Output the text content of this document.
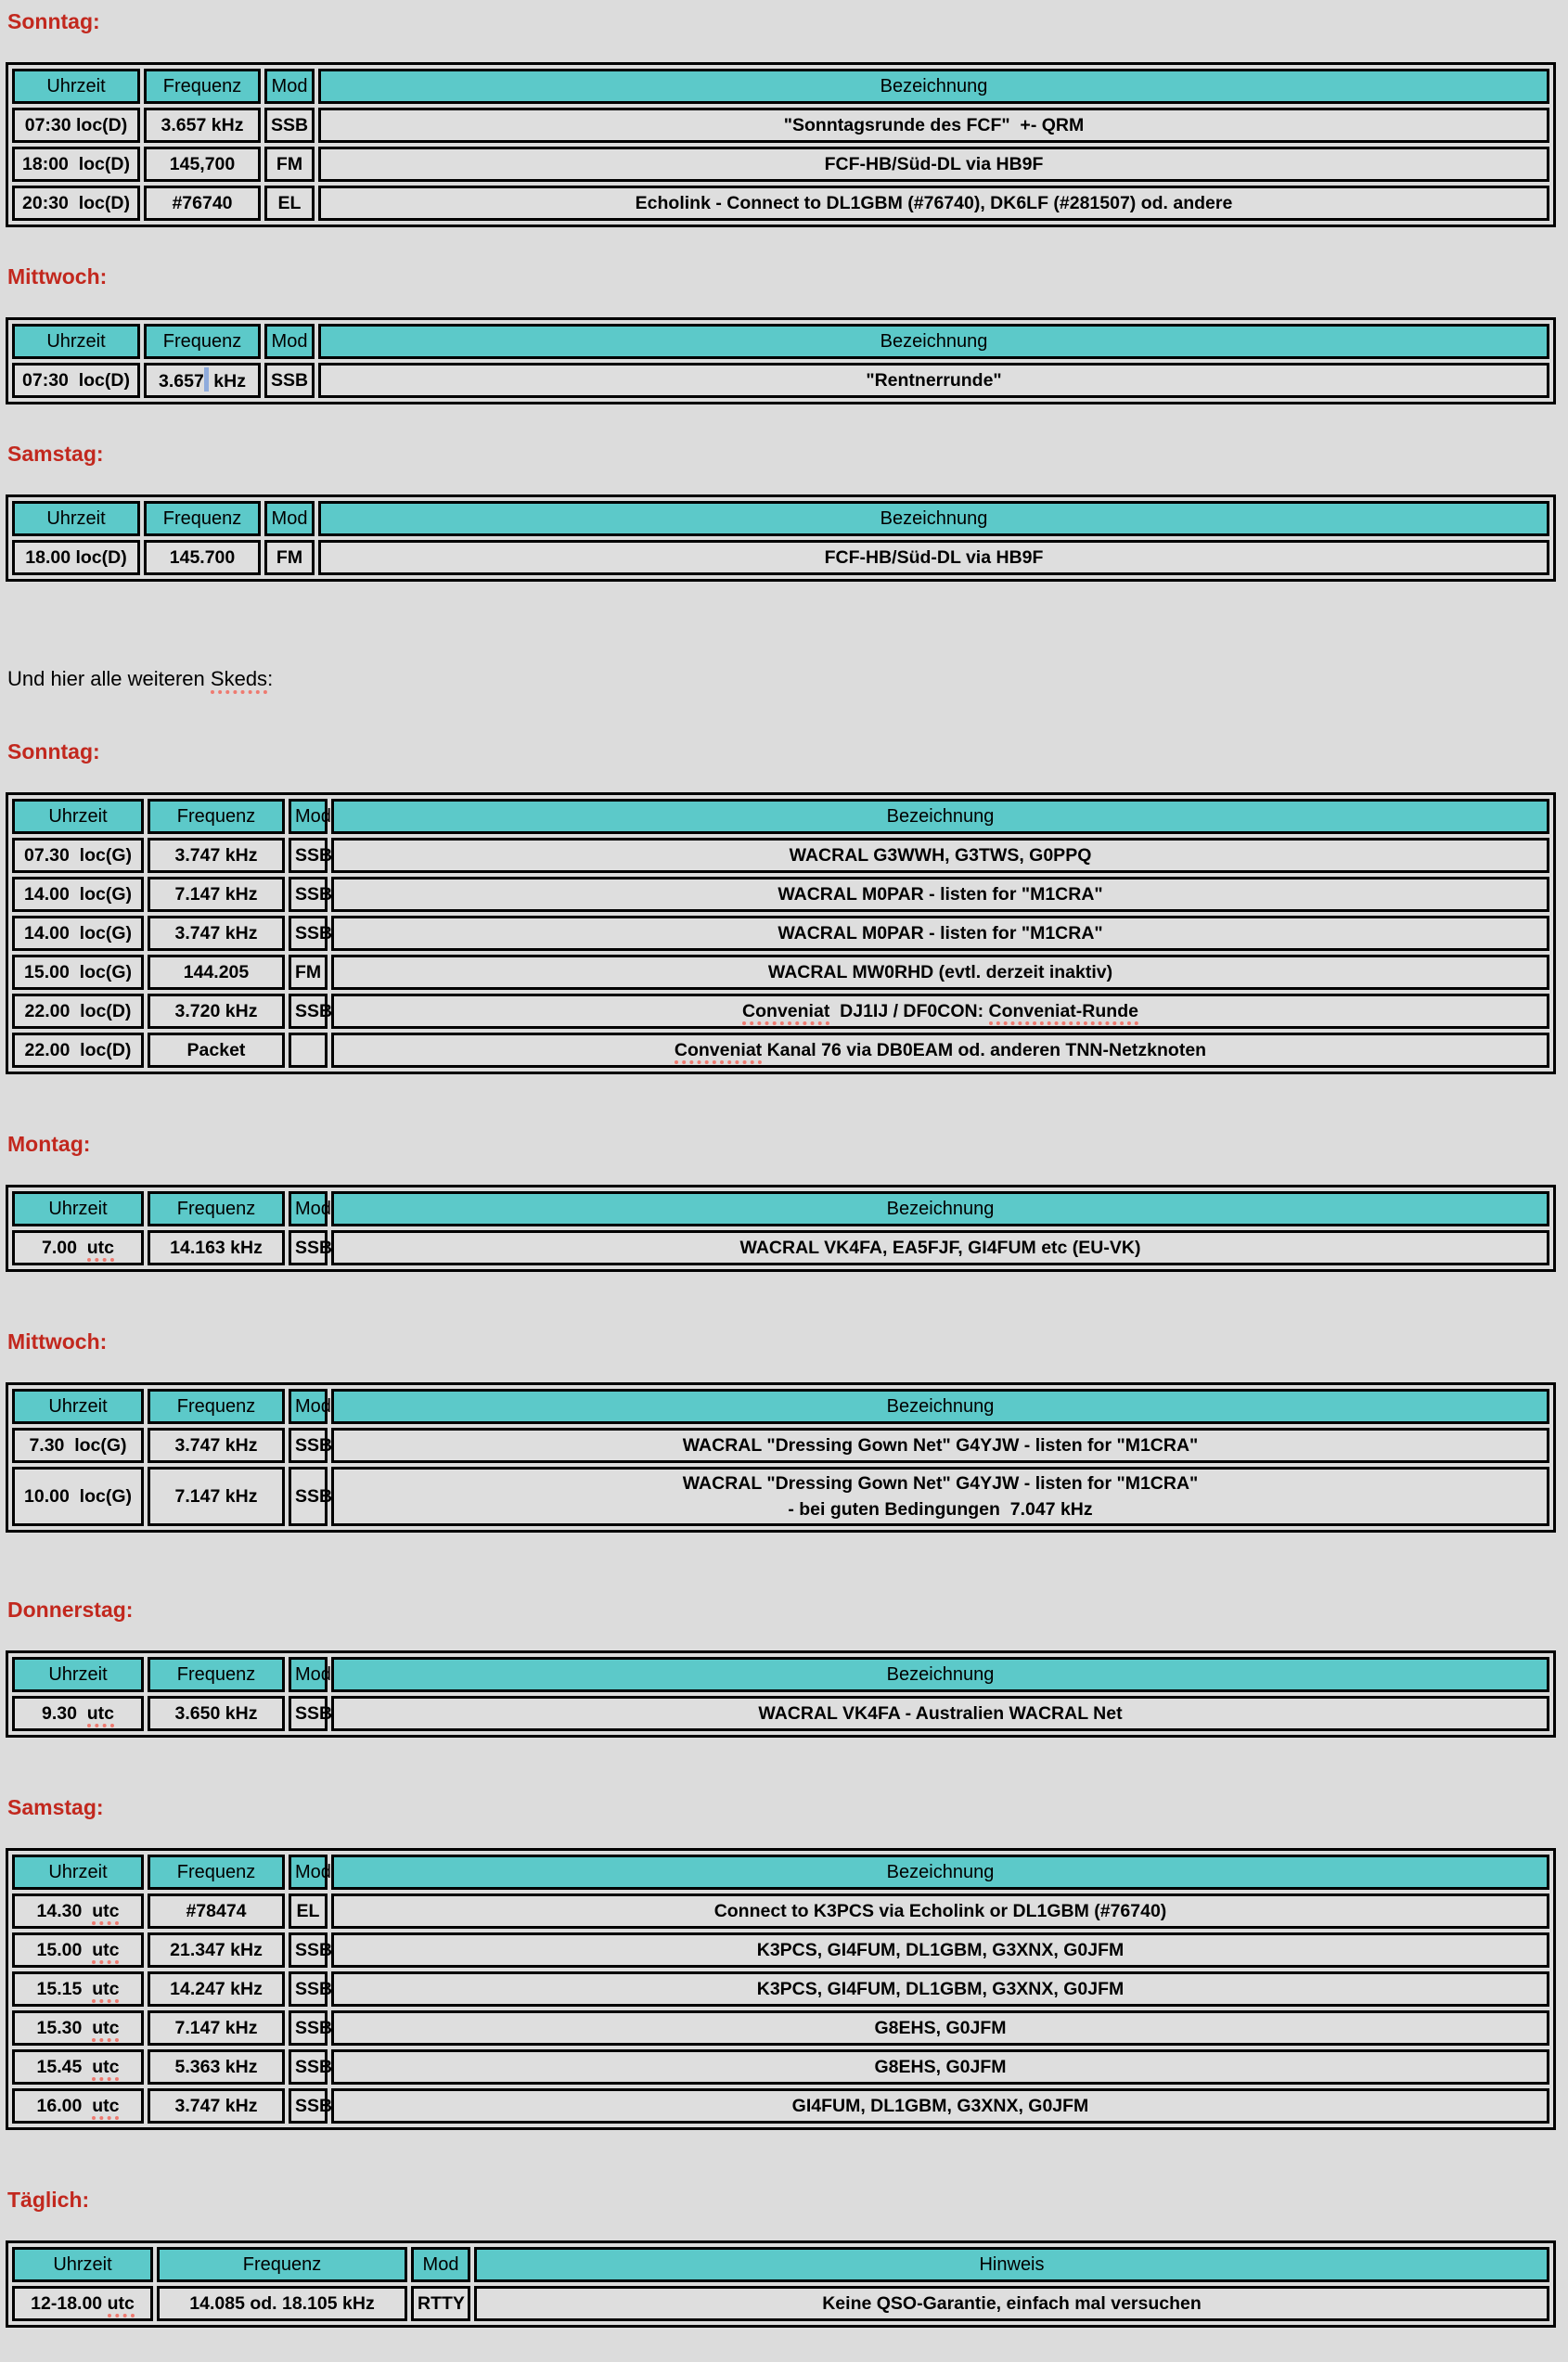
Sonntag:
Uhrzeit	Frequenz	Mod	Bezeichnung
07:30 loc(D)	3.657 kHz	SSB	"Sonntagsrunde des FCF"  +- QRM
18:00  loc(D)	145,700	FM	FCF-HB/Süd-DL via HB9F
20:30  loc(D)	#76740	EL	Echolink - Connect to DL1GBM (#76740), DK6LF (#281507) od. andere
Mittwoch:
Uhrzeit	Frequenz	Mod	Bezeichnung
07:30  loc(D)	3.657 kHz	SSB	"Rentnerrunde"
Samstag:
Uhrzeit	Frequenz	Mod	Bezeichnung
18.00 loc(D)	145.700	FM	FCF-HB/Süd-DL via HB9F

Und hier alle weiteren Skeds:

Sonntag:
Uhrzeit	Frequenz	Mod	Bezeichnung
07.30  loc(G)	3.747 kHz	SSB	WACRAL G3WWH, G3TWS, G0PPQ
14.00  loc(G)	7.147 kHz	SSB	WACRAL M0PAR - listen for "M1CRA"
14.00  loc(G)	3.747 kHz	SSB	WACRAL M0PAR - listen for "M1CRA"
15.00  loc(G)	144.205	FM	WACRAL MW0RHD (evtl. derzeit inaktiv)
22.00  loc(D)	3.720 kHz	SSB	Conveniat  DJ1IJ / DF0CON: Conveniat-Runde
22.00  loc(D)	Packet		Conveniat Kanal 76 via DB0EAM od. anderen TNN-Netzknoten
Montag:
Uhrzeit	Frequenz	Mod	Bezeichnung
7.00  utc	14.163 kHz	SSB	WACRAL VK4FA, EA5FJF, GI4FUM etc (EU-VK)
Mittwoch:
Uhrzeit	Frequenz	Mod	Bezeichnung
7.30  loc(G)	3.747 kHz	SSB	WACRAL "Dressing Gown Net" G4YJW - listen for "M1CRA"
10.00  loc(G)	7.147 kHz	SSB	WACRAL "Dressing Gown Net" G4YJW - listen for "M1CRA"
- bei guten Bedingungen  7.047 kHz
Donnerstag:
Uhrzeit	Frequenz	Mod	Bezeichnung
9.30  utc	3.650 kHz	SSB	WACRAL VK4FA - Australien WACRAL Net
Samstag:
Uhrzeit	Frequenz	Mod	Bezeichnung
14.30  utc	#78474	EL	Connect to K3PCS via Echolink or DL1GBM (#76740)
15.00  utc	21.347 kHz	SSB	K3PCS, GI4FUM, DL1GBM, G3XNX, G0JFM
15.15  utc	14.247 kHz	SSB	K3PCS, GI4FUM, DL1GBM, G3XNX, G0JFM
15.30  utc	7.147 kHz	SSB	G8EHS, G0JFM
15.45  utc	5.363 kHz	SSB	G8EHS, G0JFM
16.00  utc	3.747 kHz	SSB	GI4FUM, DL1GBM, G3XNX, G0JFM
Täglich:
Uhrzeit	Frequenz	Mod	Hinweis
12-18.00 utc	14.085 od. 18.105 kHz	RTTY	Keine QSO-Garantie, einfach mal versuchen
